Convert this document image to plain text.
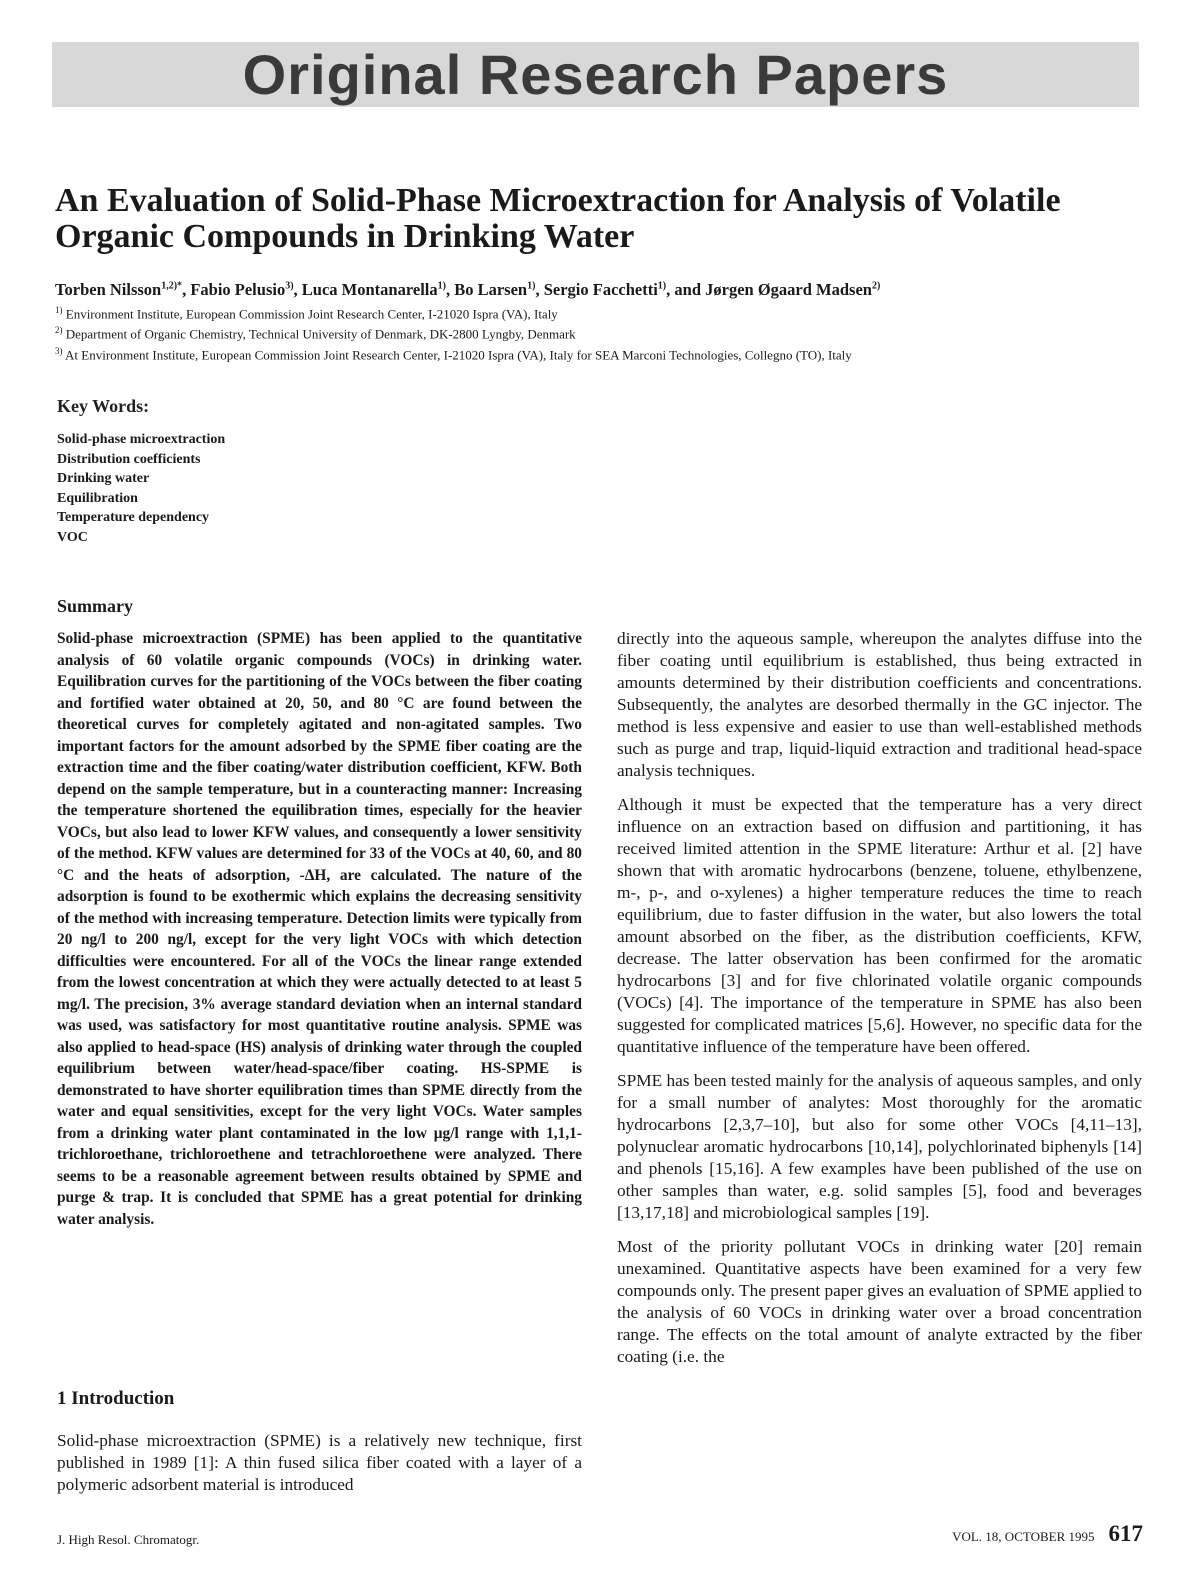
Original Research Papers
An Evaluation of Solid-Phase Microextraction for Analysis of Volatile Organic Compounds in Drinking Water
Torben Nilsson$^{1,2)*}$, Fabio Pelusio$^{3)}$, Luca Montanarella$^{1)}$, Bo Larsen$^{1)}$, Sergio Facchetti$^{1)}$, and Jørgen Øgaard Madsen$^{2)}$
$^{1)}$ Environment Institute, European Commission Joint Research Center, I-21020 Ispra (VA), Italy
$^{2)}$ Department of Organic Chemistry, Technical University of Denmark, DK-2800 Lyngby, Denmark
$^{3)}$ At Environment Institute, European Commission Joint Research Center, I-21020 Ispra (VA), Italy for SEA Marconi Technologies, Collegno (TO), Italy
Key Words:
Solid-phase microextraction
Distribution coefficients
Drinking water
Equilibration
Temperature dependency
VOC
Summary
Solid-phase microextraction (SPME) has been applied to the quantitative analysis of 60 volatile organic compounds (VOCs) in drinking water. Equilibration curves for the partitioning of the VOCs between the fiber coating and fortified water obtained at 20, 50, and 80 °C are found between the theoretical curves for completely agitated and non-agitated samples. Two important factors for the amount adsorbed by the SPME fiber coating are the extraction time and the fiber coating/water distribution coefficient, KFW. Both depend on the sample temperature, but in a counteracting manner: Increasing the temperature shortened the equilibration times, especially for the heavier VOCs, but also lead to lower KFW values, and consequently a lower sensitivity of the method. KFW values are determined for 33 of the VOCs at 40, 60, and 80 °C and the heats of adsorption, -ΔH, are calculated. The nature of the adsorption is found to be exothermic which explains the decreasing sensitivity of the method with increasing temperature. Detection limits were typically from 20 ng/l to 200 ng/l, except for the very light VOCs with which detection difficulties were encountered. For all of the VOCs the linear range extended from the lowest concentration at which they were actually detected to at least 5 mg/l. The precision, 3% average standard deviation when an internal standard was used, was satisfactory for most quantitative routine analysis. SPME was also applied to head-space (HS) analysis of drinking water through the coupled equilibrium between water/head-space/fiber coating. HS-SPME is demonstrated to have shorter equilibration times than SPME directly from the water and equal sensitivities, except for the very light VOCs. Water samples from a drinking water plant contaminated in the low μg/l range with 1,1,1-trichloroethane, trichloroethene and tetrachloroethene were analyzed. There seems to be a reasonable agreement between results obtained by SPME and purge & trap. It is concluded that SPME has a great potential for drinking water analysis.
1 Introduction
Solid-phase microextraction (SPME) is a relatively new technique, first published in 1989 [1]: A thin fused silica fiber coated with a layer of a polymeric adsorbent material is introduced

directly into the aqueous sample, whereupon the analytes diffuse into the fiber coating until equilibrium is established, thus being extracted in amounts determined by their distribution coefficients and concentrations. Subsequently, the analytes are desorbed thermally in the GC injector. The method is less expensive and easier to use than well-established methods such as purge and trap, liquid-liquid extraction and traditional head-space analysis techniques.

Although it must be expected that the temperature has a very direct influence on an extraction based on diffusion and partitioning, it has received limited attention in the SPME literature: Arthur et al. [2] have shown that with aromatic hydrocarbons (benzene, toluene, ethylbenzene, m-, p-, and o-xylenes) a higher temperature reduces the time to reach equilibrium, due to faster diffusion in the water, but also lowers the total amount absorbed on the fiber, as the distribution coefficients, KFW, decrease. The latter observation has been confirmed for the aromatic hydrocarbons [3] and for five chlorinated volatile organic compounds (VOCs) [4]. The importance of the temperature in SPME has also been suggested for complicated matrices [5,6]. However, no specific data for the quantitative influence of the temperature have been offered.

SPME has been tested mainly for the analysis of aqueous samples, and only for a small number of analytes: Most thoroughly for the aromatic hydrocarbons [2,3,7–10], but also for some other VOCs [4,11–13], polynuclear aromatic hydrocarbons [10,14], polychlorinated biphenyls [14] and phenols [15,16]. A few examples have been published of the use on other samples than water, e.g. solid samples [5], food and beverages [13,17,18] and microbiological samples [19].

Most of the priority pollutant VOCs in drinking water [20] remain unexamined. Quantitative aspects have been examined for a very few compounds only. The present paper gives an evaluation of SPME applied to the analysis of 60 VOCs in drinking water over a broad concentration range. The effects on the total amount of analyte extracted by the fiber coating (i.e. the

J. High Resol. Chromatogr.	VOL. 18, OCTOBER 1995 617
